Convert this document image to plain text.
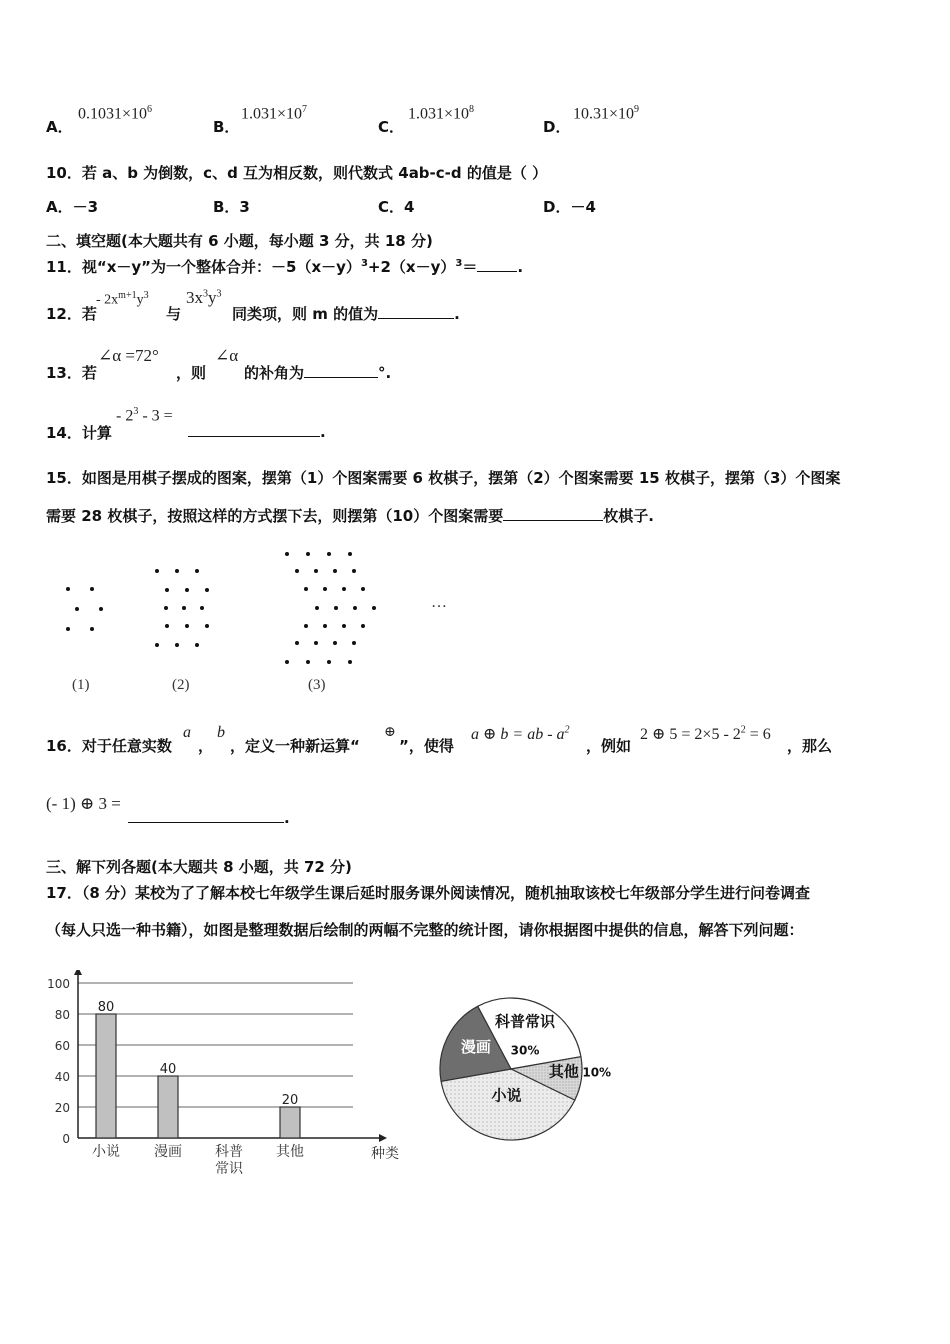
A．
$0.1031\times 10^6$
B．
$1.031\times 10^7$
C．
$1.031\times 10^8$
D．
$10.31\times 10^9$
10．若 a、b 为倒数，c、d 互为相反数，则代数式 4ab-c-d 的值是（ ）
A．－3	B．3	C．4	D．－4
二、填空题(本大题共有 6 小题，每小题 3 分，共 18 分)
11．视“x－y”为一个整体合并：$-5(x-y)^3+2(x-y)^3=$	.
12．若
- $2x^{m+1}y^3$
与
$3x^3y^3$
同类项，则 m 的值为	.
13．若
∠α =72°
，则
∠α
的补角为	°.
14．计算
- $2^3 - 3$ =
.
15．如图是用棋子摆成的图案，摆第（1）个图案需要 6 枚棋子，摆第（2）个图案需要 15 枚棋子，摆第（3）个图案
需要 28 枚棋子，按照这样的方式摆下去，则摆第（10）个图案需要	枚棋子.
(1)	(2)	(3)
…
16．对于任意实数
a
，
b
，定义一种新运算“
⊕
”，使得
a ⊕ b = ab - $a^2$
，例如
2 ⊕ $5 = 2\times 5 - 2^2 = 6$
，那么
(- 1) ⊕ 3 =
.
三、解下列各题(本大题共 8 小题，共 72 分)
17．（8 分）某校为了了解本校七年级学生课后延时服务课外阅读情况，随机抽取该校七年级部分学生进行问卷调查
（每人只选一种书籍），如图是整理数据后绘制的两幅不完整的统计图，请你根据图中提供的信息，解答下列问题：
0
20
40
60
80
100
80
小说
40
漫画 科普
常识
20
其他	种类
科普常识
30%
其他 10%
小说
漫画
